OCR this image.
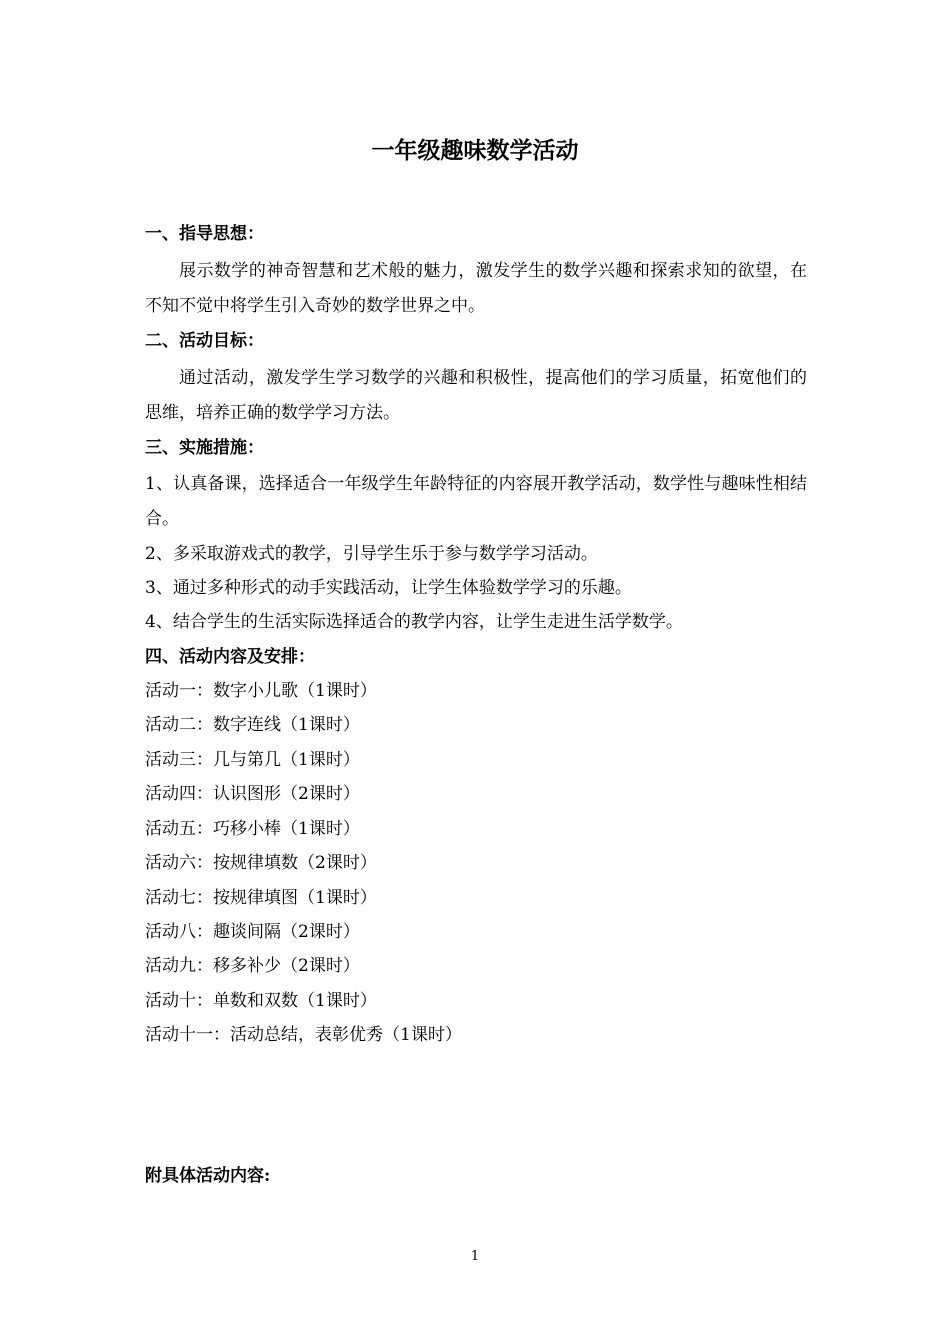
一年级趣味数学活动
一、指导思想：
展示数学的神奇智慧和艺术般的魅力，激发学生的数学兴趣和探索求知的欲望，在不知不觉中将学生引入奇妙的数学世界之中。
二、活动目标：
通过活动，激发学生学习数学的兴趣和积极性，提高他们的学习质量，拓宽他们的思维，培养正确的数学学习方法。
三、实施措施：
1、认真备课，选择适合一年级学生年龄特征的内容展开教学活动，数学性与趣味性相结合。
2、多采取游戏式的教学，引导学生乐于参与数学学习活动。
3、通过多种形式的动手实践活动，让学生体验数学学习的乐趣。
4、结合学生的生活实际选择适合的教学内容，让学生走进生活学数学。
四、活动内容及安排：
活动一：数字小儿歌（1课时）
活动二：数字连线（1课时）
活动三：几与第几（1课时）
活动四：认识图形（2课时）
活动五：巧移小棒（1课时）
活动六：按规律填数（2课时）
活动七：按规律填图（1课时）
活动八：趣谈间隔（2课时）
活动九：移多补少（2课时）
活动十：单数和双数（1课时）
活动十一：活动总结，表彰优秀（1课时）
附具体活动内容:
1
